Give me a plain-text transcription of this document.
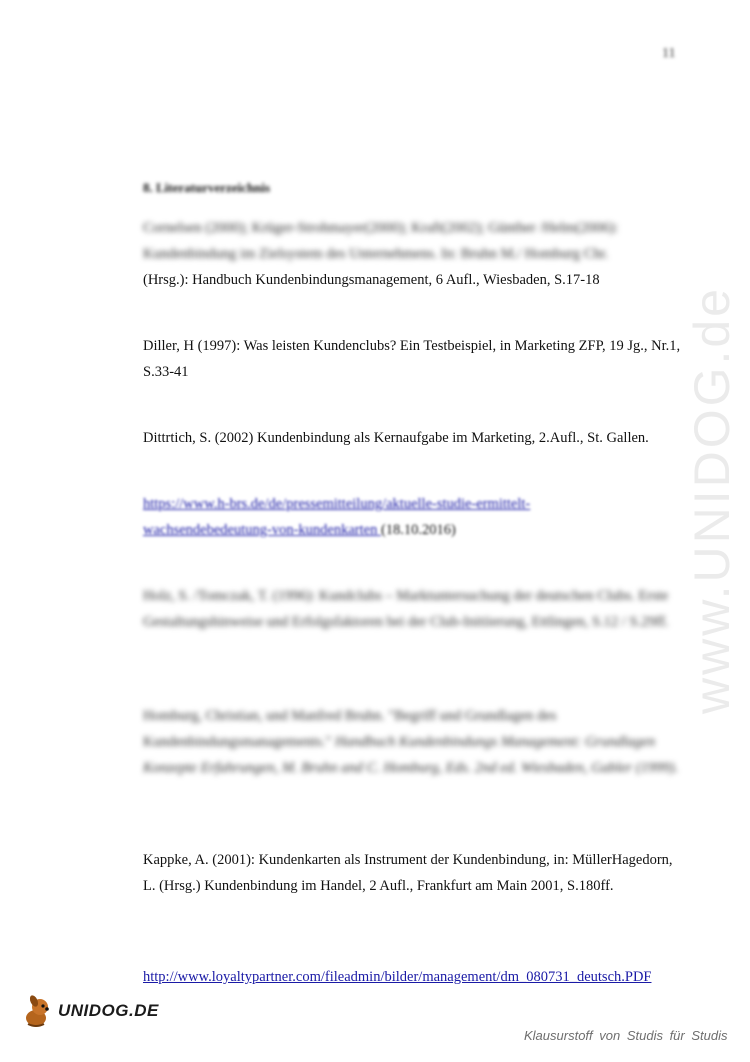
11
8. Literaturverzeichnis
Cornelsen (2000); Krüger-Strohmayer(2000); Kraft(2002); Günther /Helm(2006):
Kundenbindung im Zielsystem des Unternehmens. In: Bruhn M./ Homburg Chr.
(Hrsg.): Handbuch Kundenbindungsmanagement, 6 Aufl., Wiesbaden, S.17-18
Diller, H (1997): Was leisten Kundenclubs? Ein Testbeispiel, in Marketing ZFP, 19 Jg., Nr.1, S.33-41
Dittrtich, S. (2002) Kundenbindung als Kernaufgabe im Marketing, 2.Aufl., St. Gallen.
https://www.h-brs.de/de/pressemitteilung/aktuelle-studie-ermittelt-
wachsendebedeutung-von-kundenkarten (18.10.2016)
Holz, S. /Tomczak, T. (1996): Kundclubs – Marktuntersuchung der deutschen Clubs. Erste Gestaltungshinweise und Erfolgsfaktoren bei der Club-Initiierung, Ettlingen, S.12 / S.29ff.
Homburg, Christian, und Manfred Bruhn. "Begriff und Grundlagen des Kundenbindungsmanagements." Handbuch Kundenbindungs Management: Grundlagen Konzepte Erfahrungen, M. Bruhn and C. Homburg, Eds. 2nd ed. Wiesbaden, Gabler (1999).
Kappke, A. (2001): Kundenkarten als Instrument der Kundenbindung, in: MüllerHagedorn, L. (Hrsg.) Kundenbindung im Handel, 2 Aufl., Frankfurt am Main 2001, S.180ff.
http://www.loyaltypartner.com/fileadmin/bilder/management/dm_080731_deutsch.PDF
www.UNIDOG.de
UNIDOG.DE
Klausurstoff von Studis für Studis
